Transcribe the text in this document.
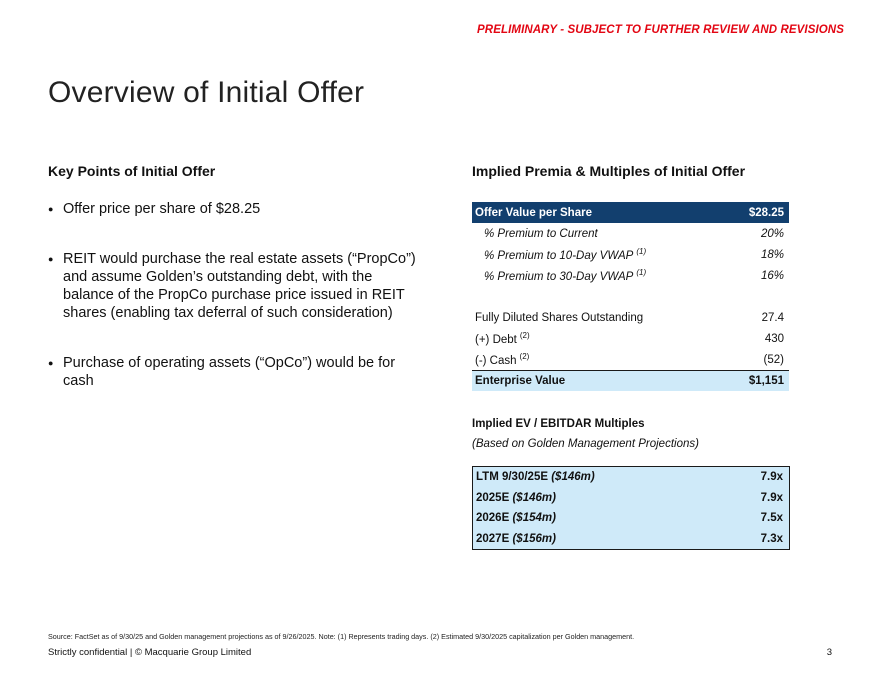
PRELIMINARY - SUBJECT TO FURTHER REVIEW AND REVISIONS
Overview of Initial Offer
Key Points of Initial Offer
● Offer price per share of $28.25
● REIT would purchase the real estate assets (“PropCo”) and assume Golden’s outstanding debt, with the balance of the PropCo purchase price issued in REIT shares (enabling tax deferral of such consideration)
● Purchase of operating assets (“OpCo”) would be for cash
Implied Premia & Multiples of Initial Offer
Offer Value per Share	$28.25
% Premium to Current	20%
% Premium to 10-Day VWAP $^{(1)}$	18%
% Premium to 30-Day VWAP $^{(1)}$	16%
Fully Diluted Shares Outstanding	27.4
(+) Debt $^{(2)}$	430
(-) Cash $^{(2)}$	(52)
Enterprise Value	$1,151
Implied EV / EBITDAR Multiples
(Based on Golden Management Projections)
LTM 9/30/25E ($146m)	7.9x
2025E ($146m)	7.9x
2026E ($154m)	7.5x
2027E ($156m)	7.3x
Source: FactSet as of 9/30/25 and Golden management projections as of 9/26/2025. Note: (1) Represents trading days. (2) Estimated 9/30/2025 capitalization per Golden management.
Strictly confidential | © Macquarie Group Limited	3
